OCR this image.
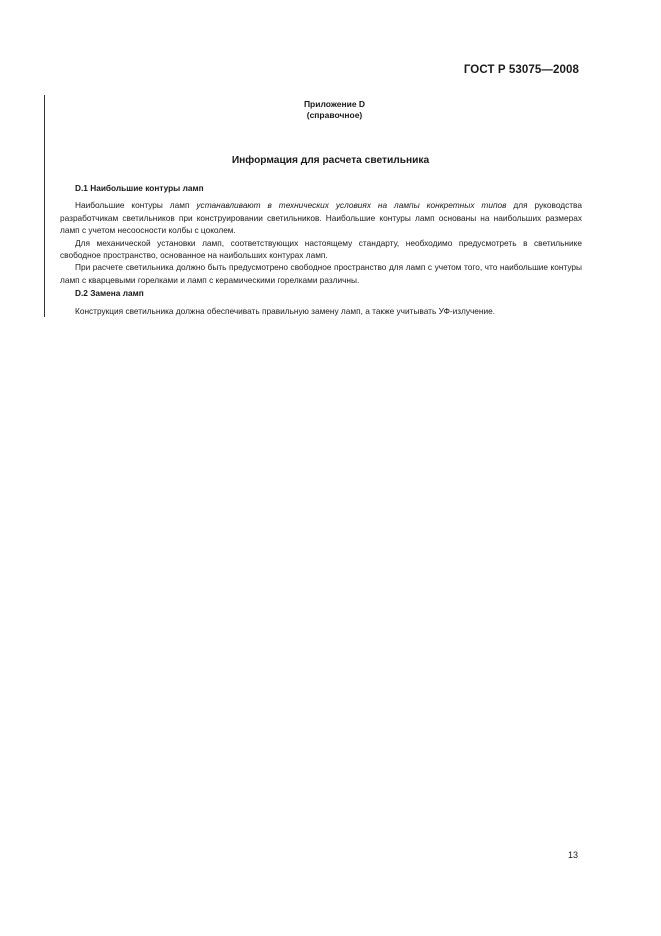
ГОСТ Р 53075—2008
Приложение D
(справочное)
Информация для расчета светильника

D.1 Наибольшие контуры ламп

Наибольшие контуры ламп устанавливают в технических условиях на лампы конкретных типов для руководства разработчикам светильников при конструировании светильников. Наибольшие контуры ламп основаны на наибольших размерах ламп с учетом несоосности колбы с цоколем.

Для механической установки ламп, соответствующих настоящему стандарту, необходимо предусмотреть в светильнике свободное пространство, основанное на наибольших контурах ламп.

При расчете светильника должно быть предусмотрено свободное пространство для ламп с учетом того, что наибольшие контуры ламп с кварцевыми горелками и ламп с керамическими горелками различны.

D.2 Замена ламп

Конструкция светильника должна обеспечивать правильную замену ламп, а также учитывать УФ-излучение.

13
